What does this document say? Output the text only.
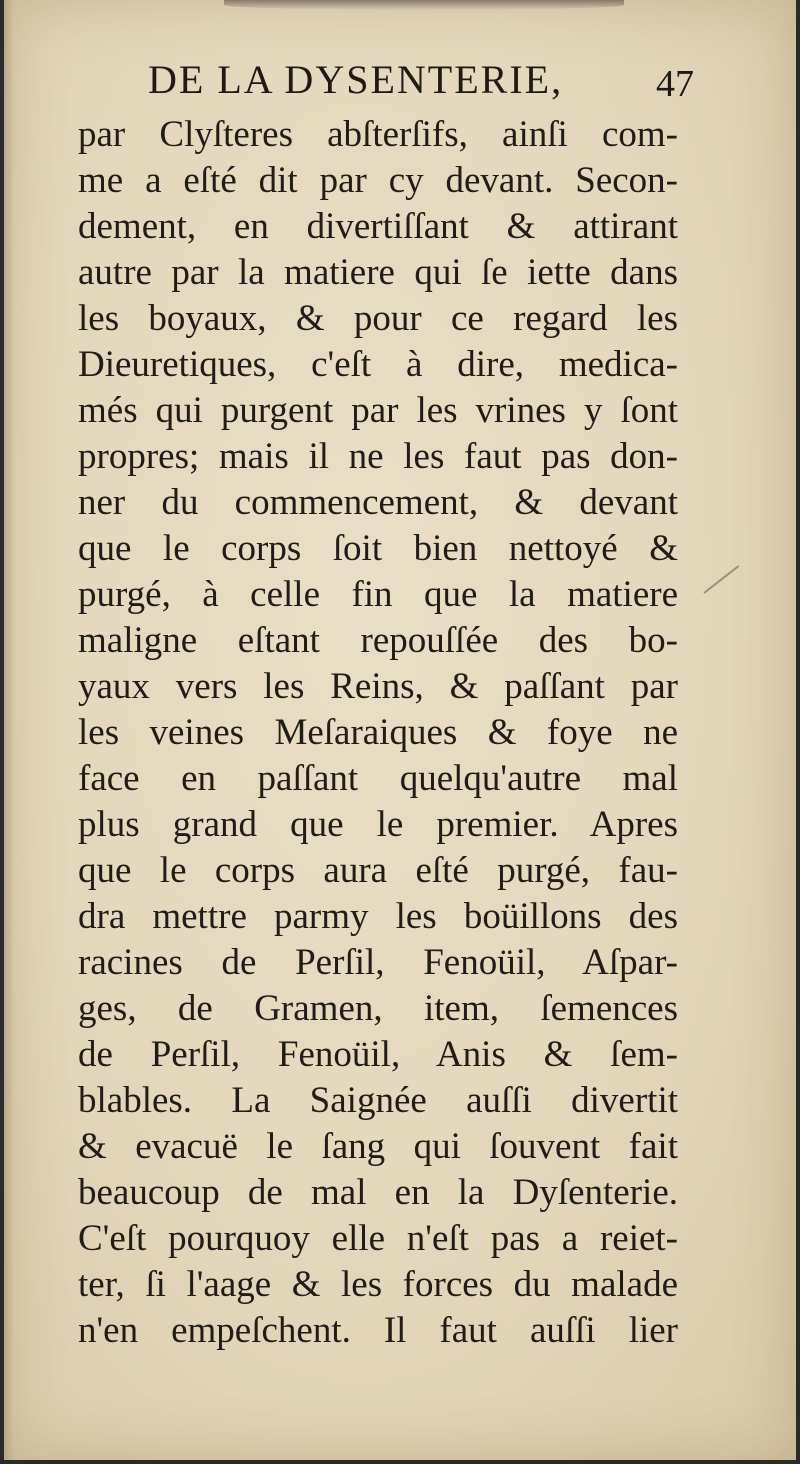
DE LA DYSENTERIE, 47
par Clyſteres abſterſifs, ainſi com-
me a eſté dit par cy devant. Secon-
dement, en divertiſſant & attirant
autre par la matiere qui ſe iette dans
les boyaux, & pour ce regard les
Dieuretiques, c'eſt à dire, medica-
més qui purgent par les vrines y ſont
propres; mais il ne les faut pas don-
ner du commencement, & devant
que le corps ſoit bien nettoyé &
purgé, à celle fin que la matiere
maligne eſtant repouſſée des bo-
yaux vers les Reins, & paſſant par
les veines Meſaraiques & foye ne
face en paſſant quelqu'autre mal
plus grand que le premier. Apres
que le corps aura eſté purgé, fau-
dra mettre parmy les boüillons des
racines de Perſil, Fenoüil, Aſpar-
ges, de Gramen, item, ſemences
de Perſil, Fenoüil, Anis & ſem-
blables. La Saignée auſſi divertit
& evacuë le ſang qui ſouvent fait
beaucoup de mal en la Dyſenterie.
C'eſt pourquoy elle n'eſt pas a reiet-
ter, ſi l'aage & les forces du malade
n'en empeſchent. Il faut auſſi lier
